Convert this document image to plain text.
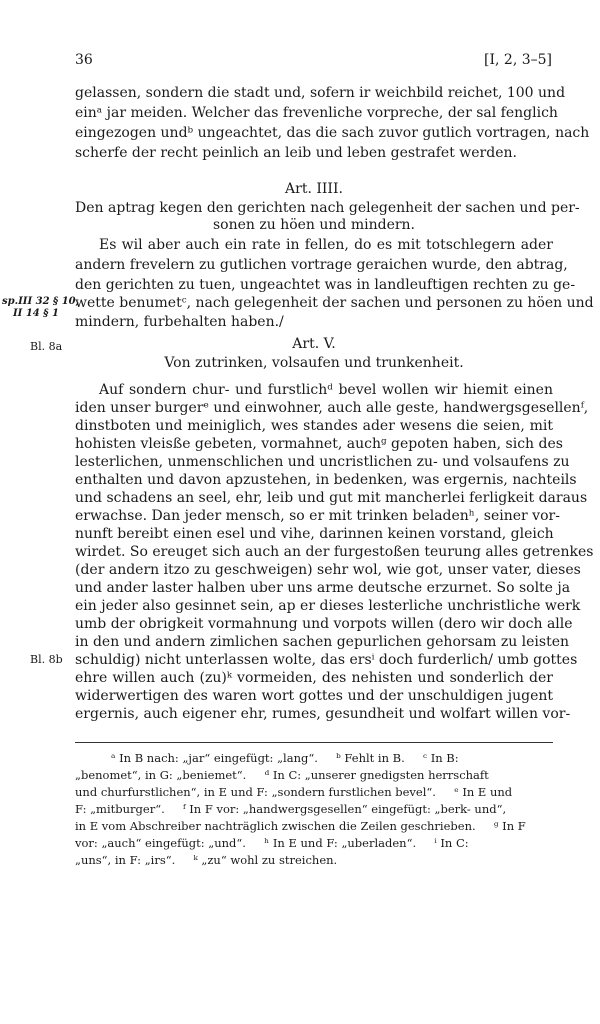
36	[I, 2, 3–5]
gelassen, sondern die stadt und, sofern ir weichbild reichet, 100 und
einᵃ jar meiden. Welcher das frevenliche vorpreche, der sal fenglich
eingezogen undᵇ ungeachtet, das die sach zuvor gutlich vortragen, nach
scherfe der recht peinlich an leib und leben gestrafet werden.
Art. IIII.
Den aptrag kegen den gerichten nach gelegenheit der sachen und per-
sonen zu höen und mindern.
Es wil aber auch ein rate in fellen, do es mit totschlegern ader
andern frevelern zu gutlichen vortrage geraichen wurde, den abtrag,
den gerichten zu tuen, ungeachtet was in landleuftigen rechten zu ge-
wette benumetᶜ, nach gelegenheit der sachen und personen zu höen und
mindern, furbehalten haben./
Art. V.
Von zutrinken, volsaufen und trunkenheit.
Auf sondern chur- und furstlichᵈ bevel wollen wir hiemit einen
iden unser burgerᵉ und einwohner, auch alle geste, handwergsgesellenᶠ,
dinstboten und meiniglich, wes standes ader wesens die seien, mit
hohisten vleisße gebeten, vormahnet, auchᵍ gepoten haben, sich des
lesterlichen, unmenschlichen und uncristlichen zu- und volsaufens zu
enthalten und davon apzustehen, in bedenken, was ergernis, nachteils
und schadens an seel, ehr, leib und gut mit mancherlei ferligkeit daraus
erwachse. Dan jeder mensch, so er mit trinken beladenʰ, seiner vor-
nunft bereibt einen esel und vihe, darinnen keinen vorstand, gleich
wirdet. So ereuget sich auch an der furgestoßen teurung alles getrenkes
(der andern itzo zu geschweigen) sehr wol, wie got, unser vater, dieses
und ander laster halben uber uns arme deutsche erzurnet. So solte ja
ein jeder also gesinnet sein, ap er dieses lesterliche unchristliche werk
umb der obrigkeit vormahnung und vorpots willen (dero wir doch alle
in den und andern zimlichen sachen gepurlichen gehorsam zu leisten
schuldig) nicht unterlassen wolte, das ersⁱ doch furderlich/ umb gottes
ehre willen auch (zu)ᵏ vormeiden, des nehisten und sonderlich der
widerwertigen des waren wort gottes und der unschuldigen jugent
ergernis, auch eigener ehr, rumes, gesundheit und wolfart willen vor-
sp.III 32 § 10,
II 14 § 1
Bl. 8a
Bl. 8b
ᵃ In B nach: „jar“ eingefügt: „lang“.     ᵇ Fehlt in B.     ᶜ In B:
„benomet“, in G: „beniemet“.     ᵈ In C: „unserer gnedigsten herrschaft
und churfurstlichen“, in E und F: „sondern furstlichen bevel“.     ᵉ In E und
F: „mitburger“.     ᶠ In F vor: „handwergsgesellen“ eingefügt: „berk- und“,
in E vom Abschreiber nachträglich zwischen die Zeilen geschrieben.     ᵍ In F
vor: „auch“ eingefügt: „und“.     ʰ In E und F: „uberladen“.     ⁱ In C:
„uns“, in F: „irs“.     ᵏ „zu“ wohl zu streichen.
